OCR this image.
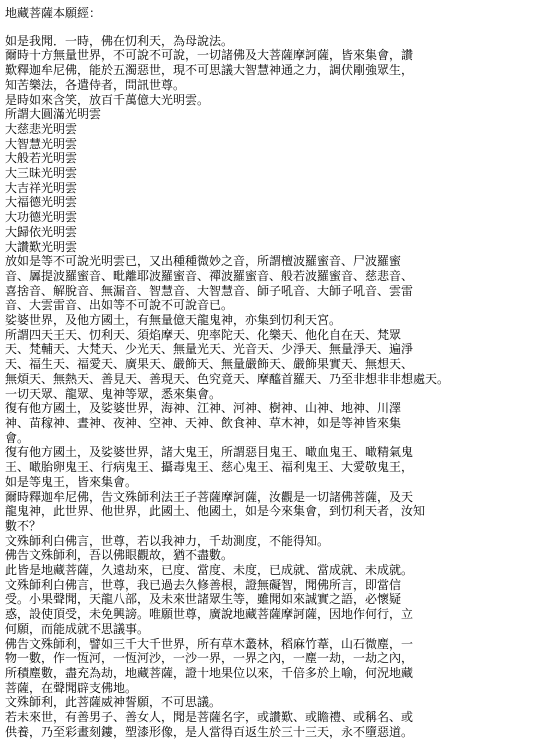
地藏菩薩本願經：
如是我聞．一時，佛在忉利天，為母說法。
爾時十方無量世界，不可說不可說，一切諸佛及大菩薩摩訶薩，皆來集會，讚
歎釋迦牟尼佛，能於五濁惡世，現不可思議大智慧神通之力，調伏剛強眾生，
知苦樂法，各遣侍者，問訊世尊。
是時如來含笑，放百千萬億大光明雲。
所謂大圓滿光明雲
大慈悲光明雲
大智慧光明雲
大般若光明雲
大三昧光明雲
大吉祥光明雲
大福德光明雲
大功德光明雲
大歸依光明雲
大讚歎光明雲
放如是等不可說光明雲已，又出種種微妙之音，所謂檀波羅蜜音、尸波羅蜜
音、羼提波羅蜜音、毗離耶波羅蜜音、禪波羅蜜音、般若波羅蜜音、慈悲音、
喜捨音、解脫音、無漏音、智慧音、大智慧音、師子吼音、大師子吼音、雲雷
音、大雲雷音、出如等不可說不可說音已。
娑婆世界，及他方國土，有無量億天龍鬼神，亦集到忉利天宮。
所謂四天王天、忉利天、須焰摩天、兜率陀天、化樂天、他化自在天、梵眾
天、梵輔天、大梵天、少光天、無量光天、光音天、少淨天、無量淨天、遍淨
天、福生天、福愛天、廣果天、嚴飾天、無量嚴飾天、嚴飾果實天、無想天、
無煩天、無熱天、善見天、善現天、色究竟天、摩醯首羅天、乃至非想非非想處天。
一切天眾、龍眾、鬼神等眾，悉來集會。
復有他方國土，及娑婆世界，海神、江神、河神、樹神、山神、地神、川澤
神、苗稼神、晝神、夜神、空神、天神、飲食神、草木神，如是等神皆來集
會。
復有他方國土，及娑婆世界，諸大鬼王，所謂惡目鬼王、噉血鬼王、噉精氣鬼
王、噉胎卵鬼王、行病鬼王、攝毒鬼王、慈心鬼王、福利鬼王、大愛敬鬼王，
如是等鬼王，皆來集會。
爾時釋迦牟尼佛，告文殊師利法王子菩薩摩訶薩，汝觀是一切諸佛菩薩，及天
龍鬼神，此世界、他世界，此國土、他國土，如是今來集會，到忉利天者，汝知
數不？
文殊師利白佛言，世尊，若以我神力，千劫測度，不能得知。
佛告文殊師利，吾以佛眼觀故，猶不盡數。
此皆是地藏菩薩，久遠劫來，已度、當度、未度，已成就、當成就、未成就。
文殊師利白佛言，世尊，我已過去久修善根，證無礙智，聞佛所言，即當信
受。小果聲聞，天龍八部，及未來世諸眾生等，雖聞如來誠實之語，必懷疑
惑，設使頂受，未免興謗。唯願世尊，廣說地藏菩薩摩訶薩，因地作何行，立
何願，而能成就不思議事。
佛告文殊師利，譬如三千大千世界，所有草木叢林，稻麻竹葦，山石微塵，一
物一數，作一恆河，一恆河沙，一沙一界，一界之內，一塵一劫，一劫之內，
所積塵數，盡充為劫，地藏菩薩，證十地果位以來，千倍多於上喻，何況地藏
菩薩，在聲聞辟支佛地。
文殊師利，此菩薩威神誓願，不可思議。
若未來世，有善男子、善女人，聞是菩薩名字，或讚歎、或瞻禮、或稱名、或
供養，乃至彩畫刻鏤，塑漆形像，是人當得百返生於三十三天，永不墮惡道。
